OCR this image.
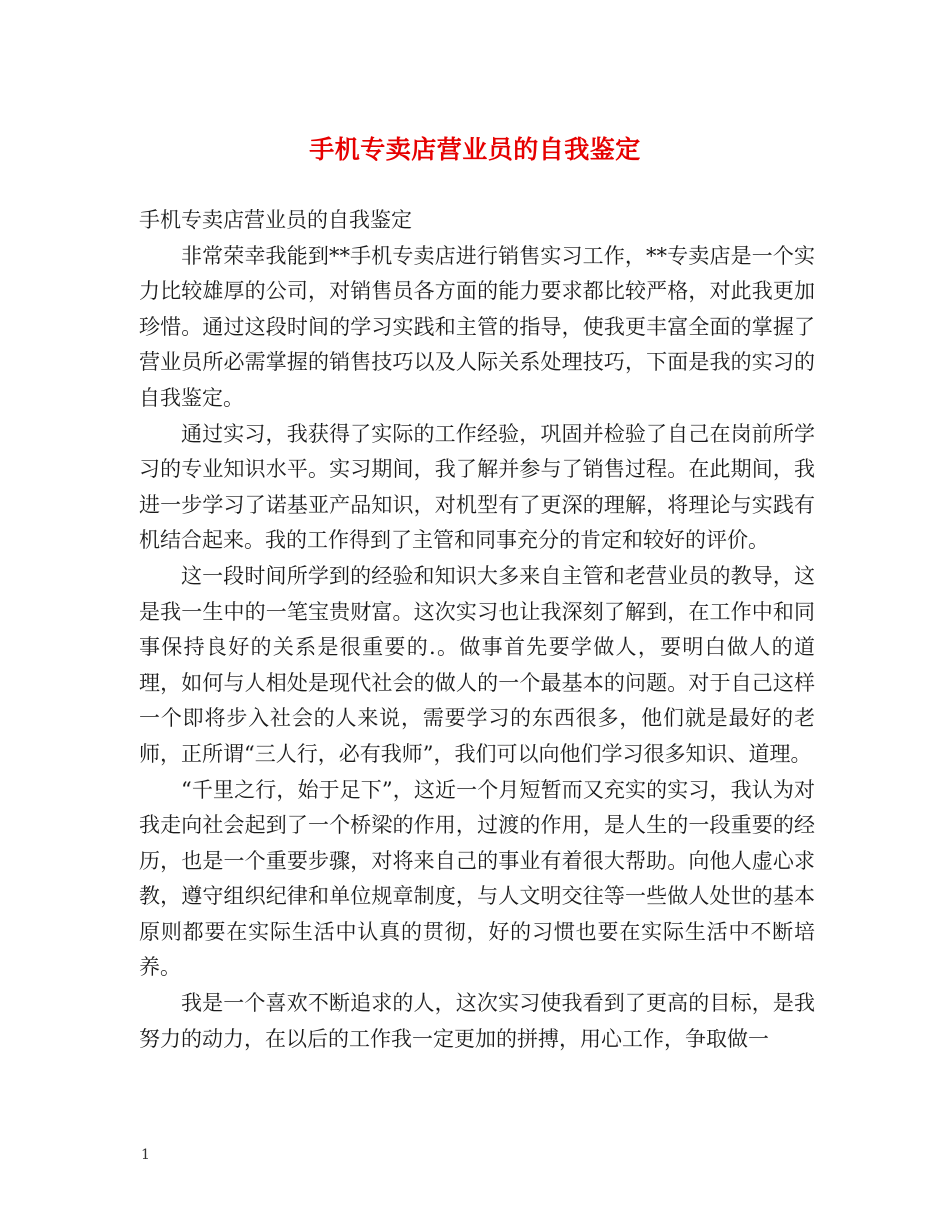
手机专卖店营业员的自我鉴定
手机专卖店营业员的自我鉴定

非常荣幸我能到**手机专卖店进行销售实习工作，**专卖店是一个实力比较雄厚的公司，对销售员各方面的能力要求都比较严格，对此我更加珍惜。通过这段时间的学习实践和主管的指导，使我更丰富全面的掌握了营业员所必需掌握的销售技巧以及人际关系处理技巧，下面是我的实习的自我鉴定。

通过实习，我获得了实际的工作经验，巩固并检验了自己在岗前所学习的专业知识水平。实习期间，我了解并参与了销售过程。在此期间，我进一步学习了诺基亚产品知识，对机型有了更深的理解，将理论与实践有机结合起来。我的工作得到了主管和同事充分的肯定和较好的评价。

这一段时间所学到的经验和知识大多来自主管和老营业员的教导，这是我一生中的一笔宝贵财富。这次实习也让我深刻了解到，在工作中和同事保持良好的关系是很重要的.。做事首先要学做人，要明白做人的道理，如何与人相处是现代社会的做人的一个最基本的问题。对于自己这样一个即将步入社会的人来说，需要学习的东西很多，他们就是最好的老师，正所谓“三人行，必有我师”，我们可以向他们学习很多知识、道理。

“千里之行，始于足下”，这近一个月短暂而又充实的实习，我认为对我走向社会起到了一个桥梁的作用，过渡的作用，是人生的一段重要的经历，也是一个重要步骤，对将来自己的事业有着很大帮助。向他人虚心求教，遵守组织纪律和单位规章制度，与人文明交往等一些做人处世的基本原则都要在实际生活中认真的贯彻，好的习惯也要在实际生活中不断培养。

我是一个喜欢不断追求的人，这次实习使我看到了更高的目标，是我努力的动力，在以后的工作我一定更加的拼搏，用心工作，争取做一

1
